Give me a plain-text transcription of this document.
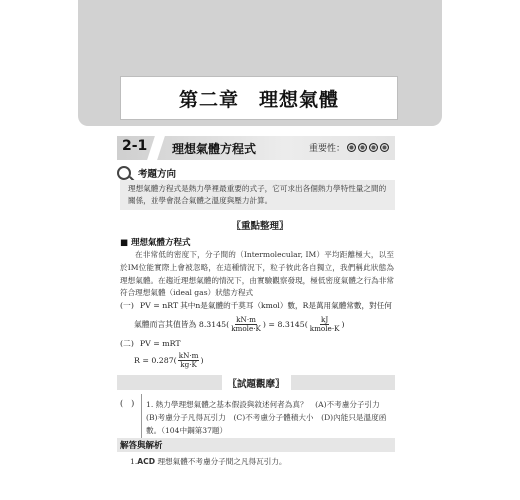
第二章　理想氣體
2-1 理想氣體方程式	重要性：
考題方向
理想氣體方程式是熱力學裡最重要的式子，它可求出各個熱力學特性量之間的關係，並學會混合氣體之溫度與壓力計算。
〖重點整理〗
■ 理想氣體方程式
在非常低的密度下，分子間的（Intermolecular, IM）平均距離極大，以至於IM位能實際上會被忽略，在這種情況下，粒子彼此各自獨立，我們稱此狀態為理想氣體。在趨近理想氣體的情況下，由實驗觀察發現，極低密度氣體之行為非常符合理想氣體（ideal gas）狀態方程式
(一) PV = nRT 其中n是氣體的千莫耳（kmol）數，R是萬用氣體常數，對任何
氣體而言其值皆為 $8.3145( \frac{kN\cdot m}{\text{kmole·K}}$ ) = $8.3145( \frac{kJ}{\text{kmole·K}}$ )
(二) PV = mRT
$R = 0.287( \frac{kN\cdot m}{kg\cdot K}$ )
〖試題觀摩〗
(　) 1. 熱力學理想氣體之基本假設與敘述何者為真？　(A)不考慮分子引力　(B)考慮分子凡得瓦引力　(C)不考慮分子體積大小　(D)內能只是溫度函數。（104中鋼第37題）
解答與解析
1.ACD 理想氣體不考慮分子間之凡得瓦引力。
